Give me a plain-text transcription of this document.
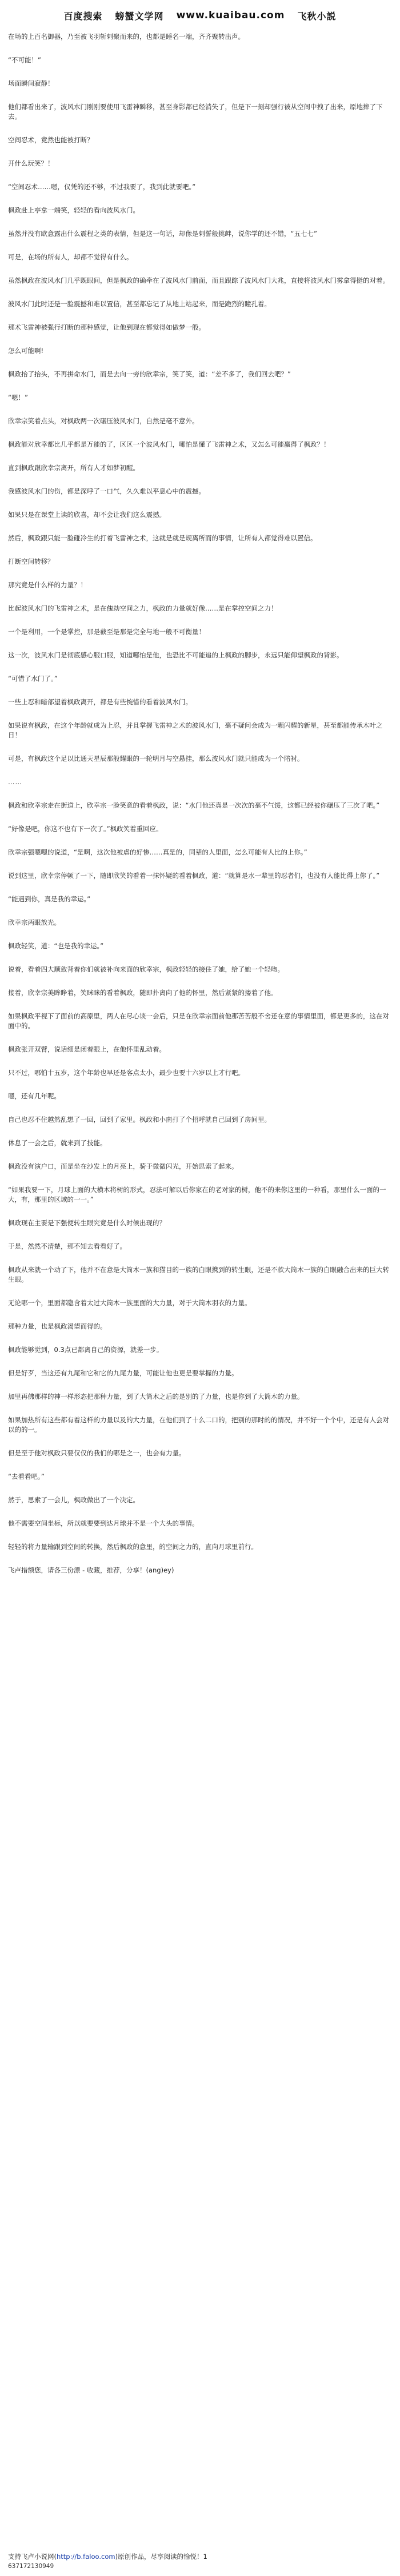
百度搜索 螃蟹文学网 www.kuaibau.com 飞秋小説

在场的上百名御器，乃至被飞羽斩刺聚而来的，也都是睡名一端，齐齐聚转出声。

“不可能！”

场面瞬间寂静！

他们都看出来了，波风水门刚刚要使用飞雷神瞬移，甚至身影都已经消失了，但是下一刻却强行被从空间中拽了出来，原地摔了下去。

空间忍术，竟然也能被打断？

开什么玩笑？！

“空间忍术……嗯，仅凭的还不够，不过我要了，我到此就要吧。”

枫政赴上亭拿一端笑，轻轻的看向波风水门。

虽然并没有欧意露出什么震程之类的表情，但是这一句话，却像是刺誓般挑衅，说你学的还不错，“五七七”

可是，在场的所有人，却都不觉得有什么。

虽然枫政在波风水门几乎既眼间，但是枫政的确牵在了波风水门前面，而且跟踪了波风水门大兆，直接将波风水门雾拿得挺的对着。

波风水门此时还是一脸震撼和难以置信，甚至都忘记了从地上站起来，而是跪烈的瞳孔着。

那术飞雷神被强行打断的那种感觉，让他到现在都觉得如做梦一般。

怎么可能啊!

枫政抬了抬头，不再拼命水门，而是去向一旁的欣幸宗，笑了笑，道：“差不多了，我们回去吧？”

“嗯！”

欣幸宗笑着点头，对枫政两一次碾压波风水门，自然是毫不意外。

枫政能对欣幸都比几乎都是万能的了，区区一个波风水门，哪怕是懂了飞雷神之术，又怎么可能赢得了枫政？！

直到枫政跟欣幸宗离开，所有人才如梦初醒。

我感波风水门的伤，都是深呼了一口气，久久难以平息心中的震撼。

如果只是在课堂上读的欣喜，却不会让我们这么震撼。

然后，枫政跟只能一脸碰冷生的打着飞雷神之术，这就是就是规离所而的事情，让所有人都觉得难以置信。

打断空间转移？

那究竟是什么样的力量？！

比起波风水门的飞雷神之术，是在傀劫空间之力，枫政的力量就好像……是在掌控空间之力！

一个是利用，一个是掌控，那是截至是那是完全与地一般不可衡量！

这一次，波风水门是彻底感心服口服，知道哪怕是他，也恐比不可能追的上枫政的脚步，永远只能仰望枫政的背影。

“可惜了水门了。”

一些上忍和暗部望着枫政离开，都是有些惋惜的看着波风水门。

如果说有枫政，在这个年龄就成为上忍，并且掌握飞雷神之术的波风水门，毫不疑问会成为一颗闪耀的新星，甚至都能传承木叶之日！

可是，有枫政这个足以比通天星辰那般耀眼的一轮明月与空悬挂，那么波风水门就只能成为一个陪衬。

……

枫政和欣幸宗走在街道上，欣幸宗一脸笑意的看着枫政，说：“水门他还真是一次次的毫不气馁，这都已经被你碾压了三次了吧。”

“好像是吧，你这不也有下一次了。”枫政笑着重回应。

欣幸宗强嗯嗯的说道，“是啊，这次他被虐的好惨……真是的，同辈的人里面，怎么可能有人比的上你。”

说到这里，欣幸宗停顿了一下，随即欣笑的看着一抹怀疑的看着枫政，道：“就算是水一辈里的忍者们，也没有人能比得上你了。”

“能遇到你，真是我的幸运。”

欣幸宗两眼放光。

枫政轻笑，道：“也是我的幸运。”

说着，看着四大顺敛背着你们就被补向来面的欣幸宗，枫政轻轻的接住了她，给了她一个轻吻。

接着，欣幸宗美眸睁着，笑眯眯的看着枫政，随即扑离向了他的怀里，然后紧紧的搂着了他。

如果枫政平视下了面前的高原里，两人在尽心谈一会后，只是在欣幸宗面前他那苦苦般不舍还在意的事情里面，都是更多的，这在对面中的。

枫政张开双臂，说话细是闭着眼上，在他怀里乱动着。

只不过，哪怕十五岁，这个年龄也早还是客点太小，最少也要十六岁以上才行吧。

嗯，还有几年呢。

自己也忍不住越然乱想了一回，回到了家里。枫政和小南打了个招呼就自己回到了房间里。

休息了一会之后，就来到了技能。

枫政没有演户口，而是坐在沙发上的月亮上，骑于微微闪光，开始思索了起来。

“如果我要一下，月球上面的大横木将树的形式，忍法可解以后你家在的老对家的树，他不的来你这里的一种看，那里什么一面的一大，有，那里的区域的一一。”

枫政现在主要是下强便转生眼究竟是什么时候出现的？

于是，然然不清楚，那不知去看看好了。

枫政从来就一个动了下，他并不在意是大筒木一族和猫目的一族的白眼携到的转生眼，还是不款大筒木一族的白眼融合出来的巨大转生眼。

无论哪一个，里面都隐含着太过大筒木一族里面的大力量，对于大筒木羽衣的力量。

那种力量，也是枫政渴望而得的。

枫政能够觉到，0.3点已都离自己的资源，就差一步。

但是好歹，当这还有九尾和它和它的九尾力量，可能让他也更是要掌握的力量。

加里再佛那样的神一样形态把那种力量，到了大筒木之后的是别的了力量，也是你到了大筒木的力量。

如果加热所有这些都有着这样的力量以及的大力量，在他们到了十么二口的，把别的那时的的情况，并不好一个个中，还是有人会对以的的一。

但是至于他对枫政只要仅仅的我们的哪是之一，也会有力量。

“去看看吧。”

然于，思索了一会儿，枫政做出了一个决定。

他不需要空间坐标，所以就要要到达月球并不是一个大头的事情。

轻轻的将力量输跟到空间的转换，然后枫政的意里，的空间之力的，直向月球里前行。

飞卢措额您，请各三份漂 - 收藏，推荐，分享！(ang)ey)

支持飞卢小说网(http://b.faloo.com)原创作品，尽享阅读的愉悦！1
637172130949
